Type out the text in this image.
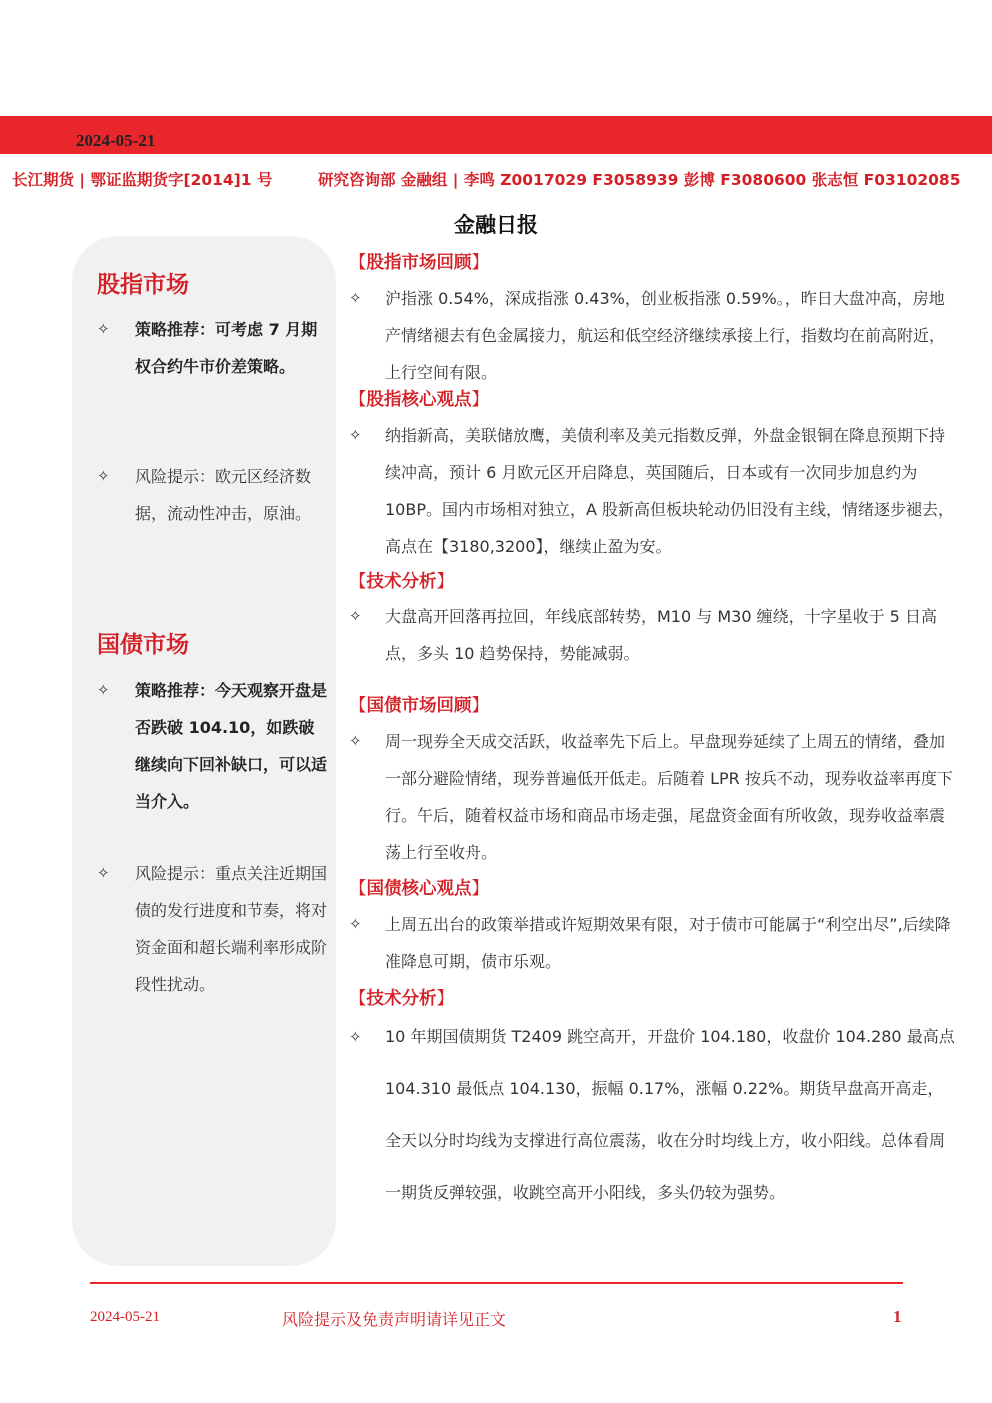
2024-05-21
长江期货 | 鄂证监期货字[2014]1 号	研究咨询部 金融组 | 李鸣 Z0017029 F3058939 彭博 F3080600 张志恒 F03102085
金融日报
股指市场
✧	策略推荐：可考虑 7 月期权合约牛市价差策略。
✧	风险提示：欧元区经济数据，流动性冲击，原油。
国债市场
✧	策略推荐：今天观察开盘是否跌破 104.10，如跌破继续向下回补缺口，可以适当介入。
✧	风险提示：重点关注近期国债的发行进度和节奏，将对资金面和超长端利率形成阶段性扰动。
【股指市场回顾】
✧ 沪指涨 0.54%，深成指涨 0.43%，创业板指涨 0.59%。，昨日大盘冲高，房地产情绪褪去有色金属接力，航运和低空经济继续承接上行，指数均在前高附近，上行空间有限。
【股指核心观点】
✧ 纳指新高，美联储放鹰，美债利率及美元指数反弹，外盘金银铜在降息预期下持续冲高，预计 6 月欧元区开启降息，英国随后，日本或有一次同步加息约为 10BP。国内市场相对独立，A 股新高但板块轮动仍旧没有主线，情绪逐步褪去，高点在【3180,3200】，继续止盈为安。
【技术分析】
✧ 大盘高开回落再拉回，年线底部转势，M10 与 M30 缠绕，十字星收于 5 日高点，多头 10 趋势保持，势能减弱。
【国债市场回顾】
✧ 周一现券全天成交活跃，收益率先下后上。早盘现券延续了上周五的情绪，叠加一部分避险情绪，现券普遍低开低走。后随着 LPR 按兵不动，现券收益率再度下行。午后，随着权益市场和商品市场走强，尾盘资金面有所收敛，现券收益率震荡上行至收舟。
【国债核心观点】
✧ 上周五出台的政策举措或许短期效果有限，对于债市可能属于“利空出尽”,后续降准降息可期，债市乐观。
【技术分析】
✧ 10 年期国债期货 T2409 跳空高开，开盘价 104.180，收盘价 104.280 最高点 104.310 最低点 104.130，振幅 0.17%，涨幅 0.22%。期货早盘高开高走，全天以分时均线为支撑进行高位震荡，收在分时均线上方，收小阳线。总体看周一期货反弹较强，收跳空高开小阳线，多头仍较为强势。
2024-05-21	风险提示及免责声明请详见正文	1
